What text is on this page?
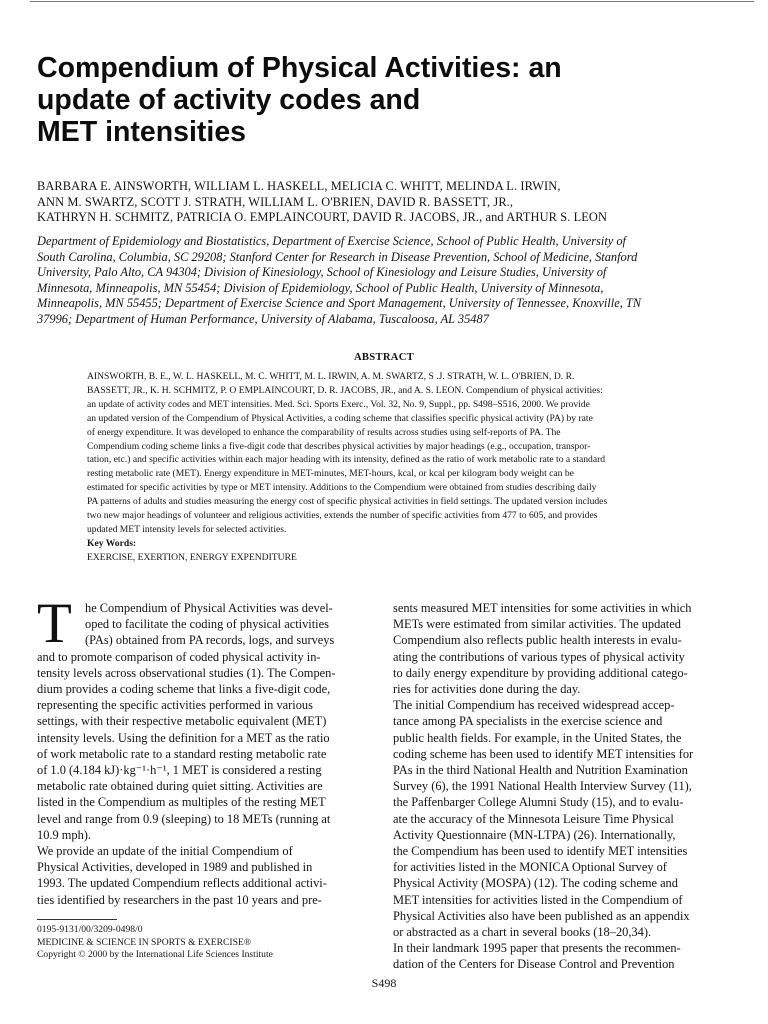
Compendium of Physical Activities: an
update of activity codes and
MET intensities
BARBARA E. AINSWORTH, WILLIAM L. HASKELL, MELICIA C. WHITT, MELINDA L. IRWIN,
ANN M. SWARTZ, SCOTT J. STRATH, WILLIAM L. O'BRIEN, DAVID R. BASSETT, JR.,
KATHRYN H. SCHMITZ, PATRICIA O. EMPLAINCOURT, DAVID R. JACOBS, JR., and ARTHUR S. LEON
Department of Epidemiology and Biostatistics, Department of Exercise Science, School of Public Health, University of
South Carolina, Columbia, SC 29208; Stanford Center for Research in Disease Prevention, School of Medicine, Stanford
University, Palo Alto, CA 94304; Division of Kinesiology, School of Kinesiology and Leisure Studies, University of
Minnesota, Minneapolis, MN 55454; Division of Epidemiology, School of Public Health, University of Minnesota,
Minneapolis, MN 55455; Department of Exercise Science and Sport Management, University of Tennessee, Knoxville, TN
37996; Department of Human Performance, University of Alabama, Tuscaloosa, AL 35487
ABSTRACT
AINSWORTH, B. E., W. L. HASKELL, M. C. WHITT, M. L. IRWIN, A. M. SWARTZ, S .J. STRATH, W. L. O'BRIEN, D. R.
BASSETT, JR., K. H. SCHMITZ, P. O EMPLAINCOURT, D. R. JACOBS, JR., and A. S. LEON. Compendium of physical activities:
an update of activity codes and MET intensities. Med. Sci. Sports Exerc., Vol. 32, No. 9, Suppl., pp. S498–S516, 2000. We provide
an updated version of the Compendium of Physical Activities, a coding scheme that classifies specific physical activity (PA) by rate
of energy expenditure. It was developed to enhance the comparability of results across studies using self-reports of PA. The
Compendium coding scheme links a five-digit code that describes physical activities by major headings (e.g., occupation, transpor-
tation, etc.) and specific activities within each major heading with its intensity, defined as the ratio of work metabolic rate to a standard
resting metabolic rate (MET). Energy expenditure in MET-minutes, MET-hours, kcal, or kcal per kilogram body weight can be
estimated for specific activities by type or MET intensity. Additions to the Compendium were obtained from studies describing daily
PA patterns of adults and studies measuring the energy cost of specific physical activities in field settings. The updated version includes
two new major headings of volunteer and religious activities, extends the number of specific activities from 477 to 605, and provides
updated MET intensity levels for selected activities.
Key Words:
EXERCISE, EXERTION, ENERGY EXPENDITURE
T	he Compendium of Physical Activities was devel-
oped to facilitate the coding of physical activities
(PAs) obtained from PA records, logs, and surveys
and to promote comparison of coded physical activity in-
tensity levels across observational studies (1). The Compen-
dium provides a coding scheme that links a five-digit code,
representing the specific activities performed in various
settings, with their respective metabolic equivalent (MET)
intensity levels. Using the definition for a MET as the ratio
of work metabolic rate to a standard resting metabolic rate
of 1.0 (4.184 kJ)·kg⁻¹·h⁻¹, 1 MET is considered a resting
metabolic rate obtained during quiet sitting. Activities are
listed in the Compendium as multiples of the resting MET
level and range from 0.9 (sleeping) to 18 METs (running at
10.9 mph).
We provide an update of the initial Compendium of
Physical Activities, developed in 1989 and published in
1993. The updated Compendium reflects additional activi-
ties identified by researchers in the past 10 years and pre-
sents measured MET intensities for some activities in which
METs were estimated from similar activities. The updated
Compendium also reflects public health interests in evalu-
ating the contributions of various types of physical activity
to daily energy expenditure by providing additional catego-
ries for activities done during the day.
The initial Compendium has received widespread accep-
tance among PA specialists in the exercise science and
public health fields. For example, in the United States, the
coding scheme has been used to identify MET intensities for
PAs in the third National Health and Nutrition Examination
Survey (6), the 1991 National Health Interview Survey (11),
the Paffenbarger College Alumni Study (15), and to evalu-
ate the accuracy of the Minnesota Leisure Time Physical
Activity Questionnaire (MN-LTPA) (26). Internationally,
the Compendium has been used to identify MET intensities
for activities listed in the MONICA Optional Survey of
Physical Activity (MOSPA) (12). The coding scheme and
MET intensities for activities listed in the Compendium of
Physical Activities also have been published as an appendix
or abstracted as a chart in several books (18–20,34).
In their landmark 1995 paper that presents the recommen-
dation of the Centers for Disease Control and Prevention
0195-9131/00/3209-0498/0
MEDICINE & SCIENCE IN SPORTS & EXERCISE®
Copyright © 2000 by the International Life Sciences Institute
S498
